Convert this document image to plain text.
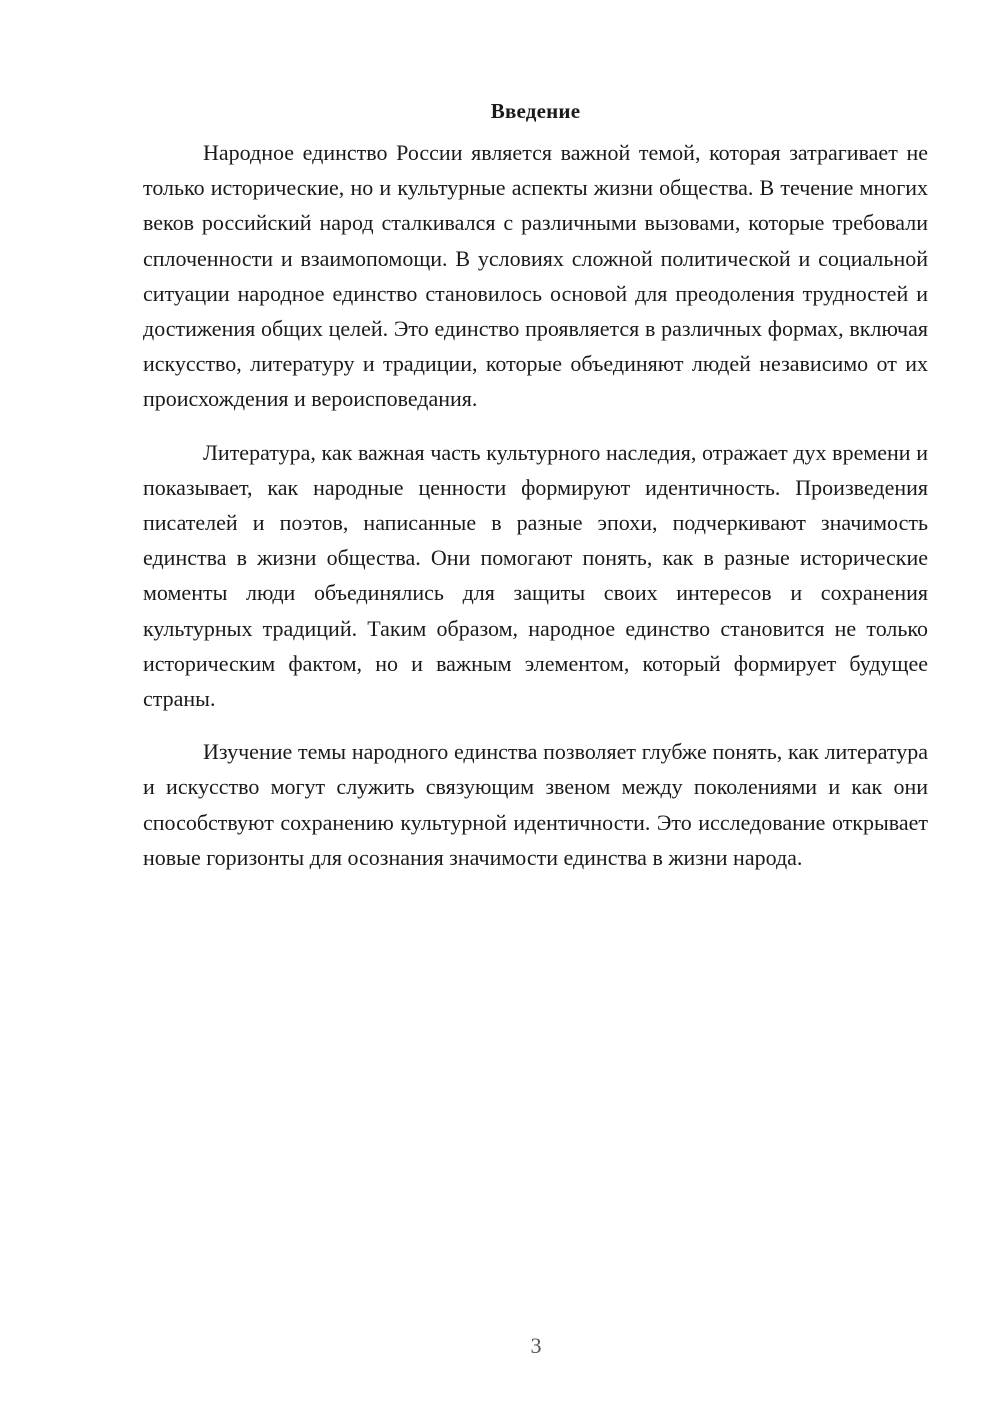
Введение

Народное единство России является важной темой, которая затрагивает не только исторические, но и культурные аспекты жизни общества. В течение многих веков российский народ сталкивался с различными вызовами, которые требовали сплоченности и взаимопомощи. В условиях сложной политической и социальной ситуации народное единство становилось основой для преодоления трудностей и достижения общих целей. Это единство проявляется в различных формах, включая искусство, литературу и традиции, которые объединяют людей независимо от их происхождения и вероисповедания.

Литература, как важная часть культурного наследия, отражает дух времени и показывает, как народные ценности формируют идентичность. Произведения писателей и поэтов, написанные в разные эпохи, подчеркивают значимость единства в жизни общества. Они помогают понять, как в разные исторические моменты люди объединялись для защиты своих интересов и сохранения культурных традиций. Таким образом, народное единство становится не только историческим фактом, но и важным элементом, который формирует будущее страны.

Изучение темы народного единства позволяет глубже понять, как литература и искусство могут служить связующим звеном между поколениями и как они способствуют сохранению культурной идентичности. Это исследование открывает новые горизонты для осознания значимости единства в жизни народа.

3
